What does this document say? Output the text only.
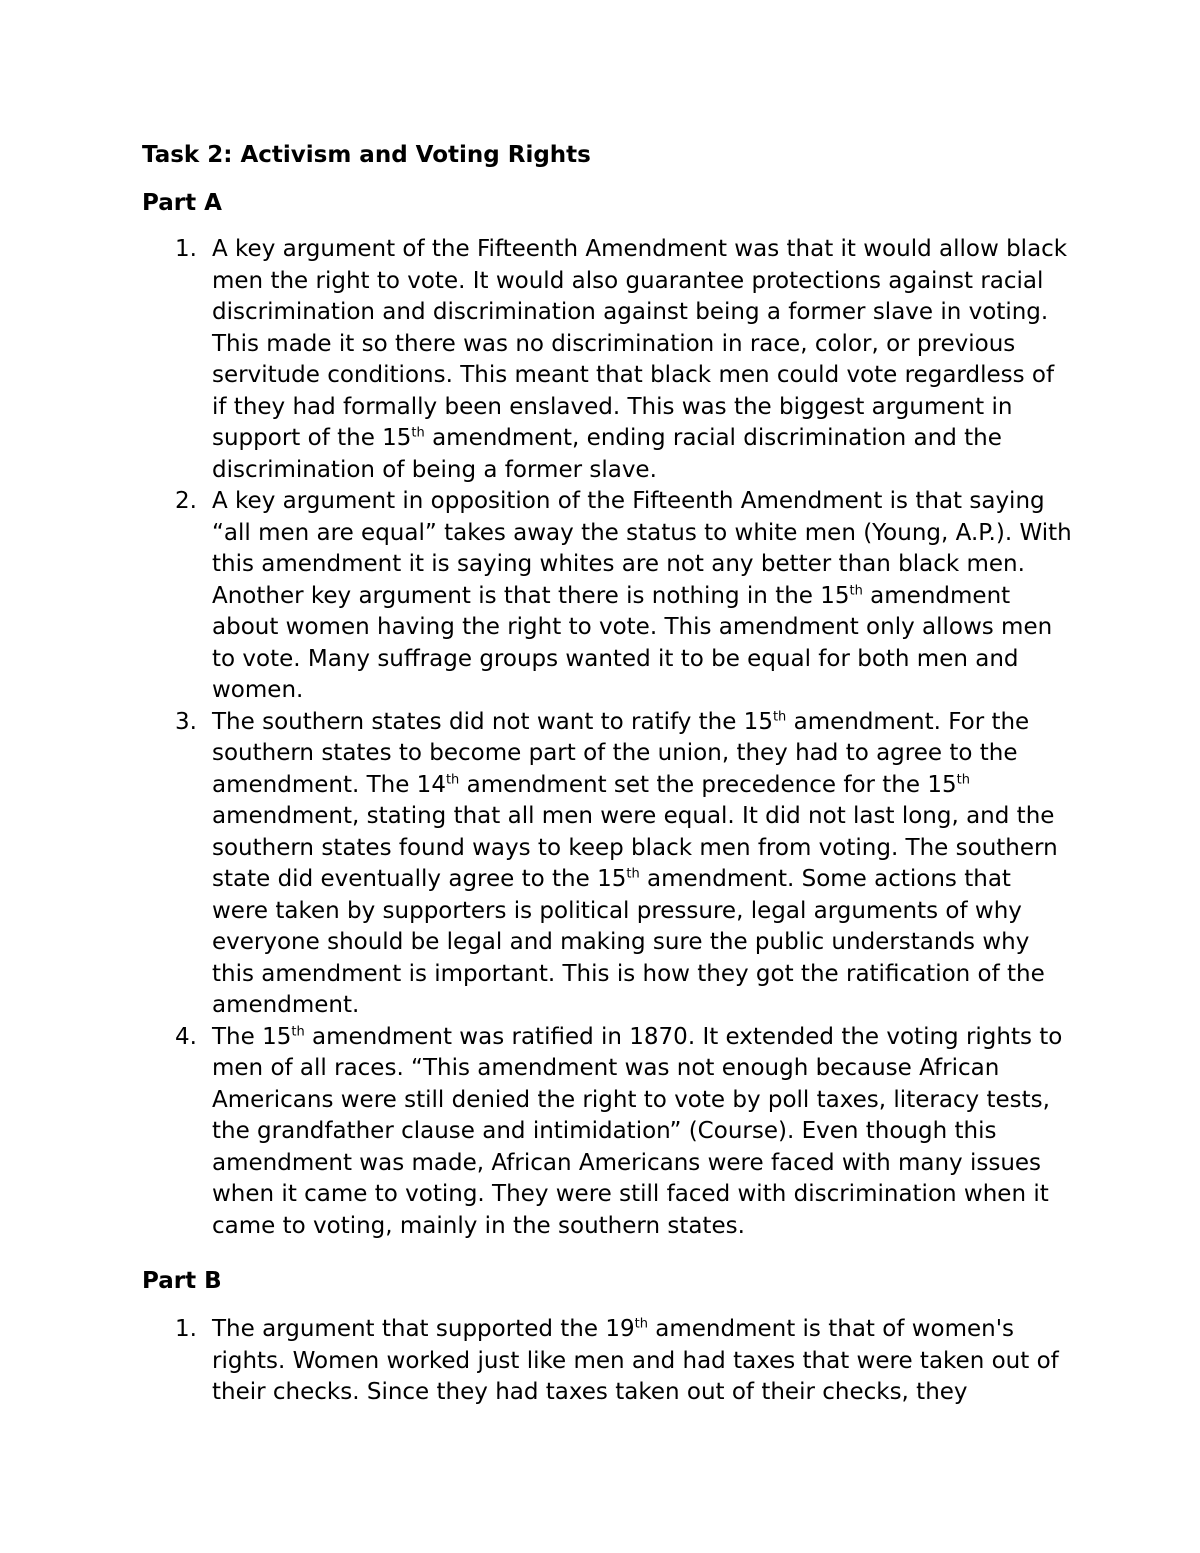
Task 2: Activism and Voting Rights
Part A
1. A key argument of the Fifteenth Amendment was that it would allow black men the right to vote. It would also guarantee protections against racial discrimination and discrimination against being a former slave in voting. This made it so there was no discrimination in race, color, or previous servitude conditions. This meant that black men could vote regardless of if they had formally been enslaved. This was the biggest argument in support of the 15th amendment, ending racial discrimination and the discrimination of being a former slave.
2. A key argument in opposition of the Fifteenth Amendment is that saying “all men are equal” takes away the status to white men (Young, A.P.). With this amendment it is saying whites are not any better than black men. Another key argument is that there is nothing in the 15th amendment about women having the right to vote. This amendment only allows men to vote. Many suffrage groups wanted it to be equal for both men and women.
3. The southern states did not want to ratify the 15th amendment. For the southern states to become part of the union, they had to agree to the amendment. The 14th amendment set the precedence for the 15th amendment, stating that all men were equal. It did not last long, and the southern states found ways to keep black men from voting. The southern state did eventually agree to the 15th amendment. Some actions that were taken by supporters is political pressure, legal arguments of why everyone should be legal and making sure the public understands why this amendment is important. This is how they got the ratification of the amendment.
4. The 15th amendment was ratified in 1870. It extended the voting rights to men of all races. “This amendment was not enough because African Americans were still denied the right to vote by poll taxes, literacy tests, the grandfather clause and intimidation” (Course). Even though this amendment was made, African Americans were faced with many issues when it came to voting. They were still faced with discrimination when it came to voting, mainly in the southern states.
Part B
1. The argument that supported the 19th amendment is that of women's rights. Women worked just like men and had taxes that were taken out of their checks. Since they had taxes taken out of their checks, they
